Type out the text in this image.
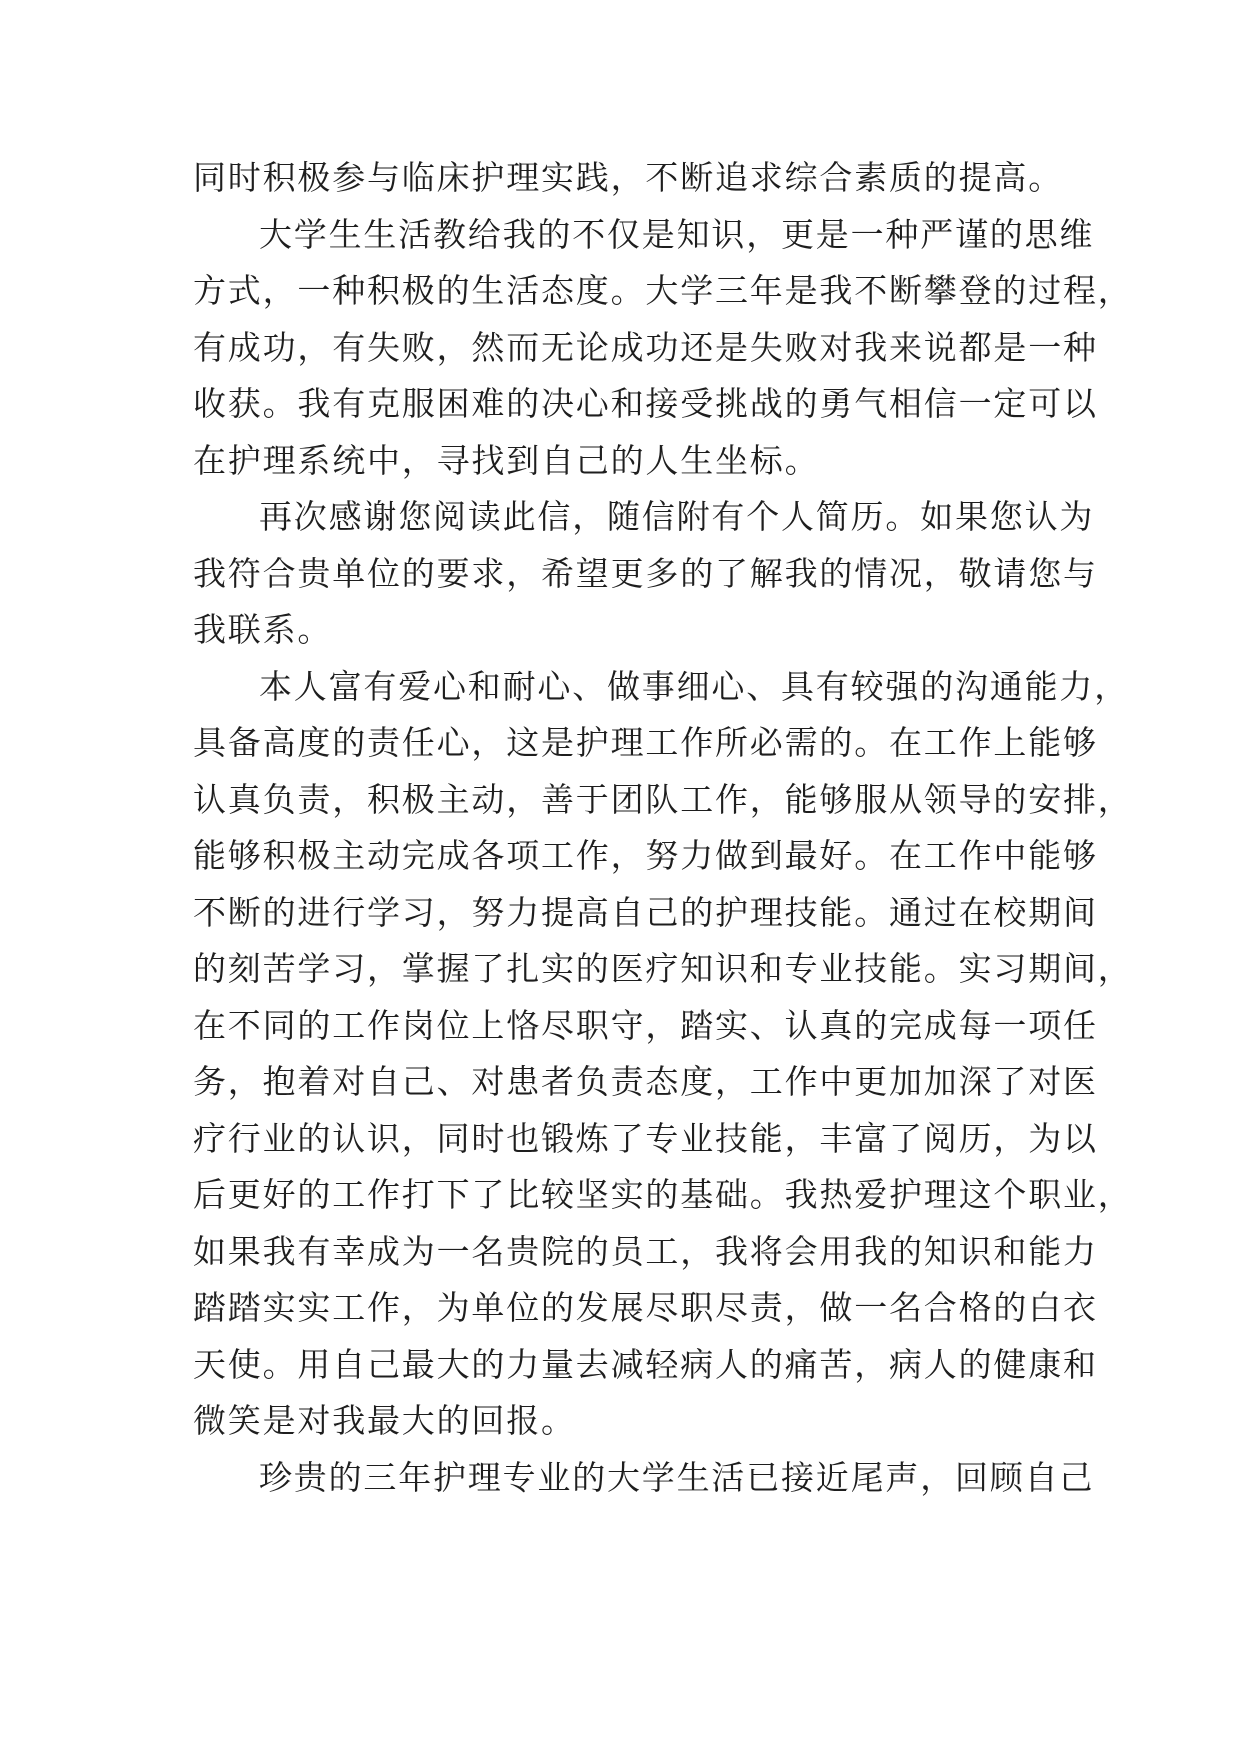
同时积极参与临床护理实践，不断追求综合素质的提高。
大学生生活教给我的不仅是知识，更是一种严谨的思维
方式，一种积极的生活态度。大学三年是我不断攀登的过程，
有成功，有失败，然而无论成功还是失败对我来说都是一种
收获。我有克服困难的决心和接受挑战的勇气相信一定可以
在护理系统中，寻找到自己的人生坐标。
再次感谢您阅读此信，随信附有个人简历。如果您认为
我符合贵单位的要求，希望更多的了解我的情况，敬请您与
我联系。
本人富有爱心和耐心、做事细心、具有较强的沟通能力，
具备高度的责任心，这是护理工作所必需的。在工作上能够
认真负责，积极主动，善于团队工作，能够服从领导的安排，
能够积极主动完成各项工作，努力做到最好。在工作中能够
不断的进行学习，努力提高自己的护理技能。通过在校期间
的刻苦学习，掌握了扎实的医疗知识和专业技能。实习期间，
在不同的工作岗位上恪尽职守，踏实、认真的完成每一项任
务，抱着对自己、对患者负责态度，工作中更加加深了对医
疗行业的认识，同时也锻炼了专业技能，丰富了阅历，为以
后更好的工作打下了比较坚实的基础。我热爱护理这个职业，
如果我有幸成为一名贵院的员工，我将会用我的知识和能力
踏踏实实工作，为单位的发展尽职尽责，做一名合格的白衣
天使。用自己最大的力量去减轻病人的痛苦，病人的健康和
微笑是对我最大的回报。
珍贵的三年护理专业的大学生活已接近尾声，回顾自己
